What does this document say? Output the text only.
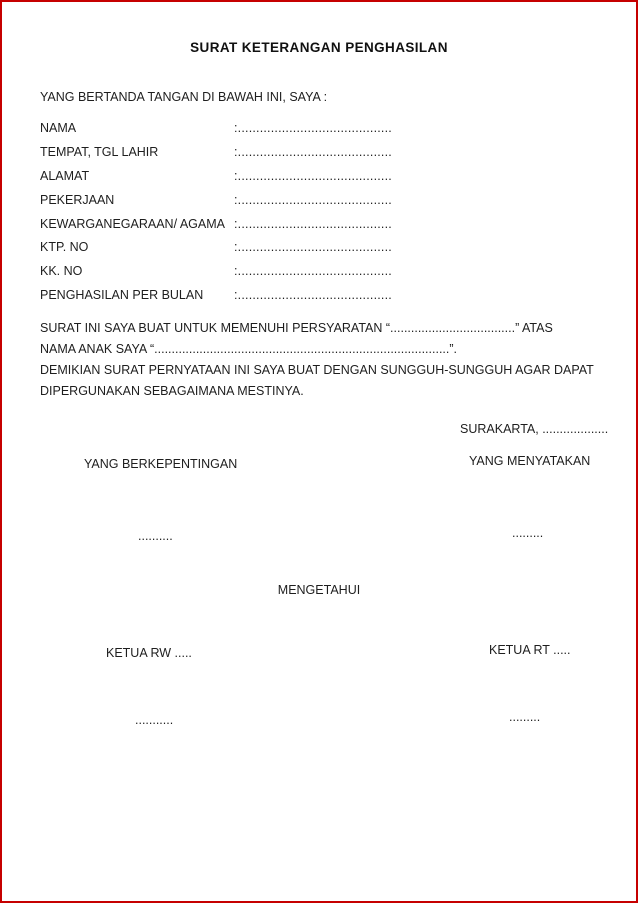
SURAT KETERANGAN PENGHASILAN
YANG BERTANDA TANGAN DI BAWAH INI, SAYA :
NAMA	:..........................................
TEMPAT, TGL LAHIR	:..........................................
ALAMAT	:..........................................
PEKERJAAN	:..........................................
KEWARGANEGARAAN/ AGAMA :..........................................
KTP. NO	:..........................................
KK. NO	:..........................................
PENGHASILAN PER BULAN	:..........................................
SURAT INI SAYA BUAT UNTUK MEMENUHI PERSYARATAN “....................................” ATAS
NAMA ANAK SAYA “.....................................................................................”.
DEMIKIAN SURAT PERNYATAAN INI SAYA BUAT DENGAN SUNGGUH-SUNGGUH AGAR DAPAT
DIPERGUNAKAN SEBAGAIMANA MESTINYA.
SURAKARTA, ...................
YANG BERKEPENTINGAN	YANG MENYATAKAN
..........	.........
MENGETAHUI
KETUA RW .....	KETUA RT .....
...........	.........
